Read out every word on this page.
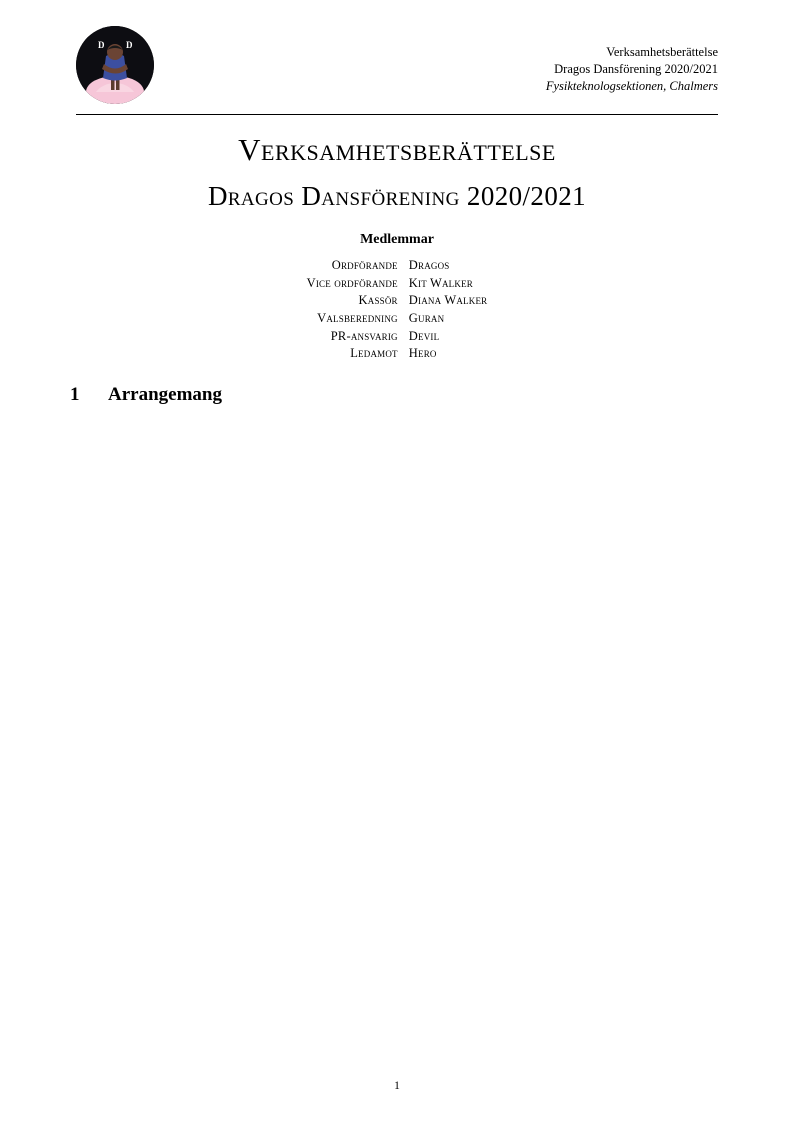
D D	Verksamhetsberättelse
Dragos Dansförening 2020/2021
Fysikteknologsektionen, Chalmers
Verksamhetsberättelse
Dragos Dansförening 2020/2021
Medlemmar
Ordförande	Dragos
Vice ordförande	Kit Walker
Kassör	Diana Walker
Valsberedning	Guran
PR-ansvarig	Devil
Ledamot	Hero
1 Arrangemang
1
